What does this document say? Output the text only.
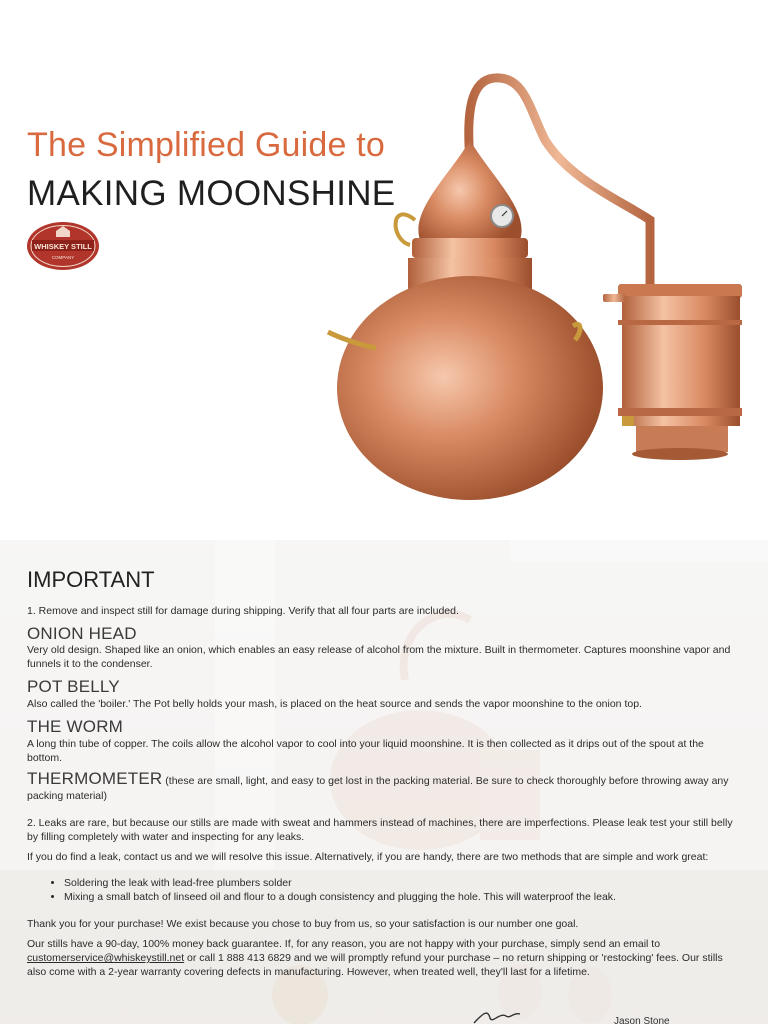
The Simplified Guide to
MAKING MOONSHINE
WHISKEY STILL
COMPANY
IMPORTANT
1. Remove and inspect still for damage during shipping. Verify that all four parts are included.
ONION HEAD
Very old design. Shaped like an onion, which enables an easy release of alcohol from the mixture. Built in thermometer. Captures moonshine vapor and funnels it to the condenser.
POT BELLY
Also called the 'boiler.' The Pot belly holds your mash, is placed on the heat source and sends the vapor moonshine to the onion top.
THE WORM
A long thin tube of copper. The coils allow the alcohol vapor to cool into your liquid moonshine. It is then collected as it drips out of the spout at the bottom.
THERMOMETER (these are small, light, and easy to get lost in the packing material. Be sure to check thoroughly before throwing away any packing material)
2. Leaks are rare, but because our stills are made with sweat and hammers instead of machines, there are imperfections. Please leak test your still belly by filling completely with water and inspecting for any leaks.
If you do find a leak, contact us and we will resolve this issue. Alternatively, if you are handy, there are two methods that are simple and work great:
• Soldering the leak with lead-free plumbers solder
• Mixing a small batch of linseed oil and flour to a dough consistency and plugging the hole. This will waterproof the leak.
Thank you for your purchase! We exist because you chose to buy from us, so your satisfaction is our number one goal.
Our stills have a 90-day, 100% money back guarantee. If, for any reason, you are not happy with your purchase, simply send an email to customerservice@whiskeystill.net or call 1 888 413 6829 and we will promptly refund your purchase – no return shipping or 'restocking' fees. Our stills also come with a 2-year warranty covering defects in manufacturing. However, when treated well, they'll last for a lifetime.
Jason Stone
